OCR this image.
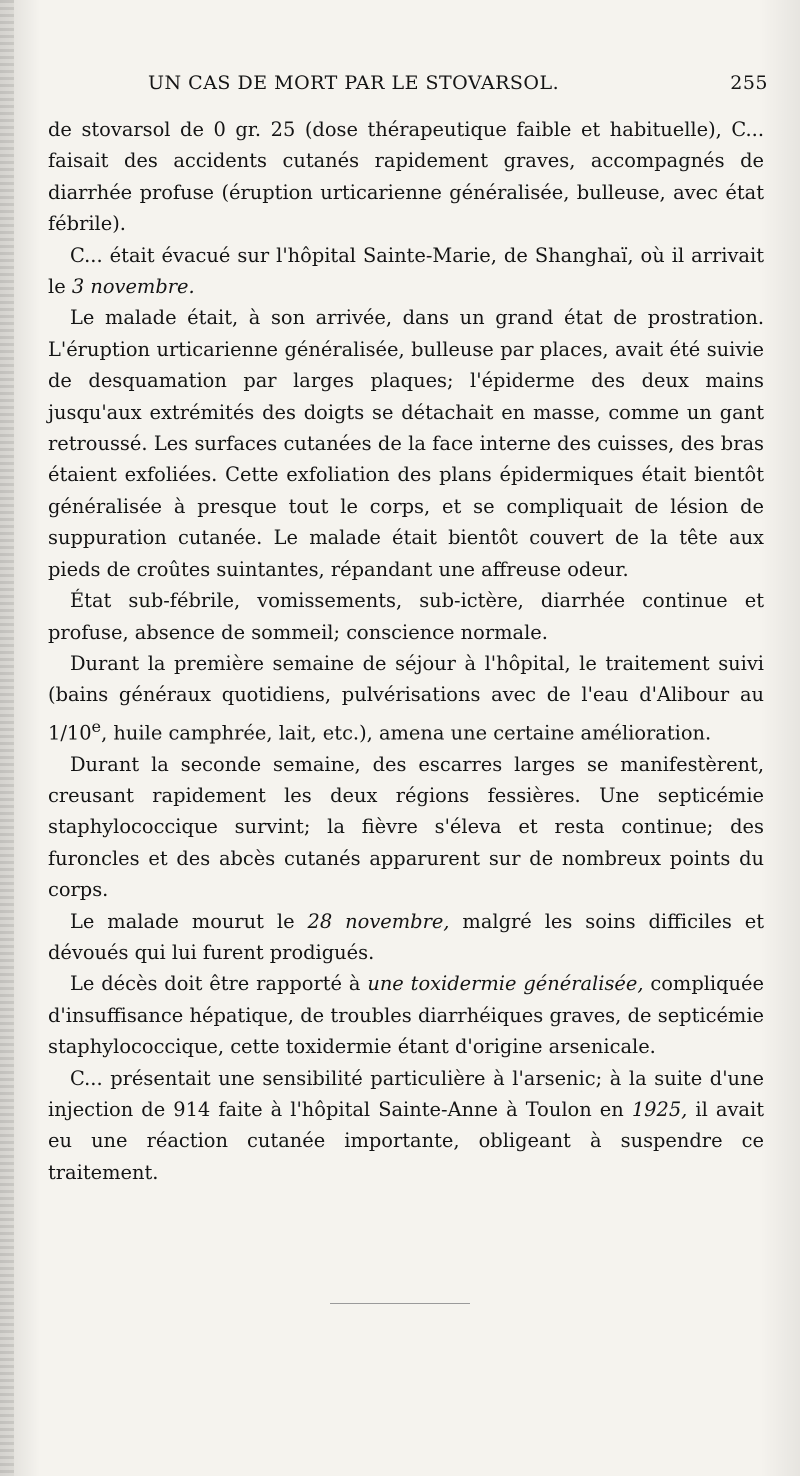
UN CAS DE MORT PAR LE STOVARSOL.	255

de stovarsol de 0 gr. 25 (dose thérapeutique faible et habituelle), C... faisait des accidents cutanés rapidement graves, accompagnés de diarrhée profuse (éruption urticarienne généralisée, bulleuse, avec état fébrile).

C... était évacué sur l'hôpital Sainte-Marie, de Shanghaï, où il arrivait le 3 novembre.

Le malade était, à son arrivée, dans un grand état de prostration. L'éruption urticarienne généralisée, bulleuse par places, avait été suivie de desquamation par larges plaques; l'épiderme des deux mains jusqu'aux extrémités des doigts se détachait en masse, comme un gant retroussé. Les surfaces cutanées de la face interne des cuisses, des bras étaient exfoliées. Cette exfoliation des plans épidermiques était bientôt généralisée à presque tout le corps, et se compliquait de lésion de suppuration cutanée. Le malade était bientôt couvert de la tête aux pieds de croûtes suintantes, répandant une affreuse odeur.

État sub-fébrile, vomissements, sub-ictère, diarrhée continue et profuse, absence de sommeil; conscience normale.

Durant la première semaine de séjour à l'hôpital, le traitement suivi (bains généraux quotidiens, pulvérisations avec de l'eau d'Alibour au 1/10e, huile camphrée, lait, etc.), amena une certaine amélioration.

Durant la seconde semaine, des escarres larges se manifestèrent, creusant rapidement les deux régions fessières. Une septicémie staphylococcique survint; la fièvre s'éleva et resta continue; des furoncles et des abcès cutanés apparurent sur de nombreux points du corps.

Le malade mourut le 28 novembre, malgré les soins difficiles et dévoués qui lui furent prodigués.

Le décès doit être rapporté à une toxidermie généralisée, compliquée d'insuffisance hépatique, de troubles diarrhéiques graves, de septicémie staphylococcique, cette toxidermie étant d'origine arsenicale.

C... présentait une sensibilité particulière à l'arsenic; à la suite d'une injection de 914 faite à l'hôpital Sainte-Anne à Toulon en 1925, il avait eu une réaction cutanée importante, obligeant à suspendre ce traitement.
